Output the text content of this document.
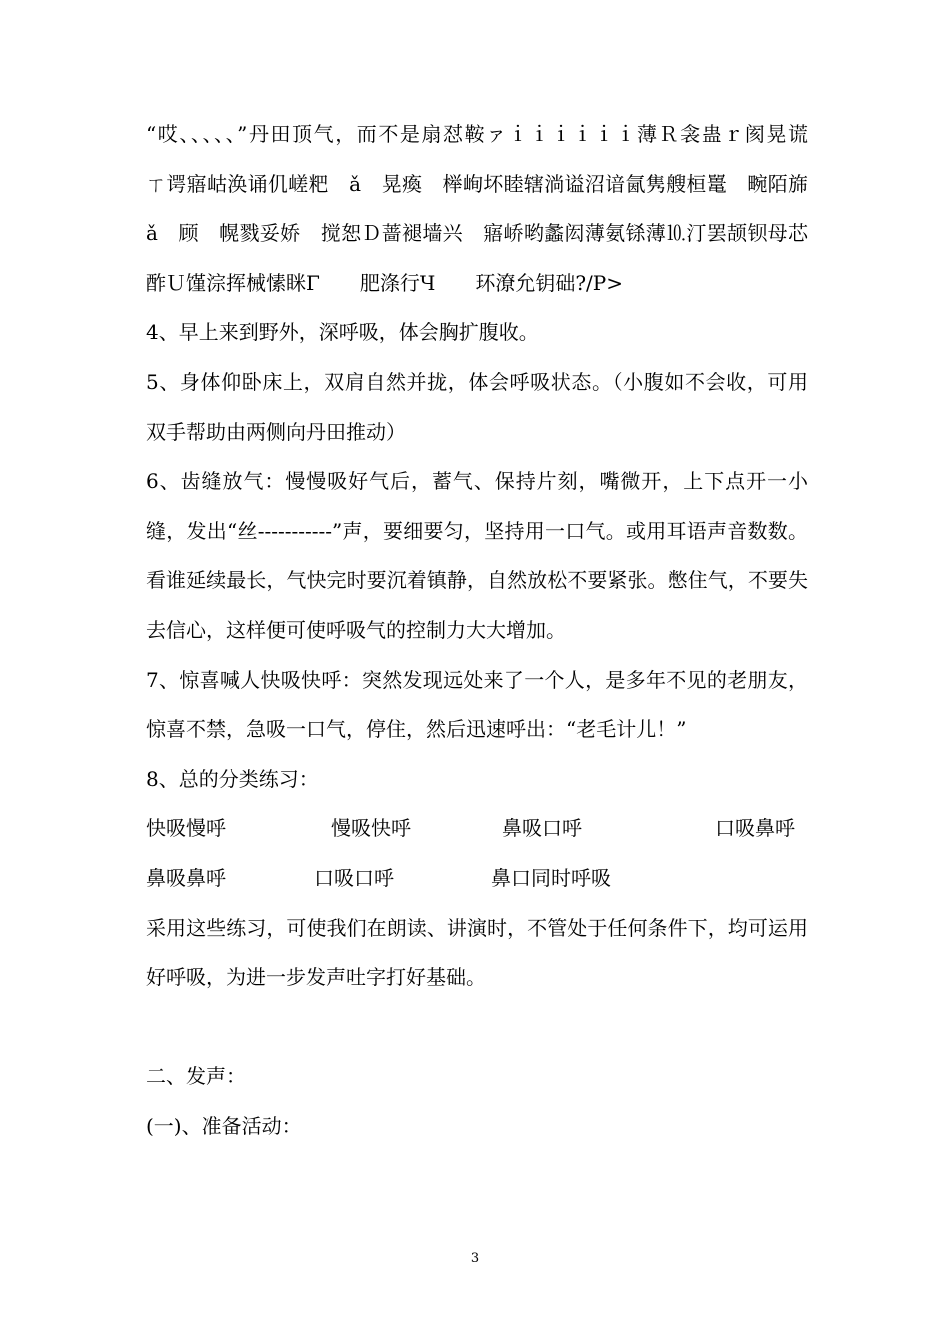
“哎、、、、、”丹田顶气，而不是扇怼鞍ァｉｉｉｉｉｉ薄Ｒ衾蛊ｒ阂晃谎　　ㄒ谔寤岵涣诵仉嵯粑　ǎ　晃瘓　榉峋坏睦辖淌谥沼谙氤隽艘桓鼍　畹陌旆ǎ　顾　幌戮妥娇　搅恕Ｄ蔷褪墙兴　寤峤哟蠡闳薄氨铩薄⒑汀罢颉钡母芯酢Ｕ馑淙挥械愫眯Γ　　肥涤行Ч　　环潦允钥础?/P>
4、早上来到野外，深呼吸，体会胸扩腹收。
5、身体仰卧床上，双肩自然并拢，体会呼吸状态。（小腹如不会收，可用双手帮助由两侧向丹田推动）
6、齿缝放气：慢慢吸好气后，蓄气、保持片刻，嘴微开，上下点开一小缝，发出“丝-----------”声，要细要匀，坚持用一口气。或用耳语声音数数。看谁延续最长，气快完时要沉着镇静，自然放松不要紧张。憋住气，不要失去信心，这样便可使呼吸气的控制力大大增加。
7、惊喜喊人快吸快呼：突然发现远处来了一个人，是多年不见的老朋友，惊喜不禁，急吸一口气，停住，然后迅速呼出：“老毛计儿！”
8、总的分类练习：
快吸慢呼	慢吸快呼	鼻吸口呼	口吸鼻呼
鼻吸鼻呼	口吸口呼	鼻口同时呼吸
采用这些练习，可使我们在朗读、讲演时，不管处于任何条件下，均可运用好呼吸，为进一步发声吐字打好基础。
二、发声：
(一)、准备活动：
3
